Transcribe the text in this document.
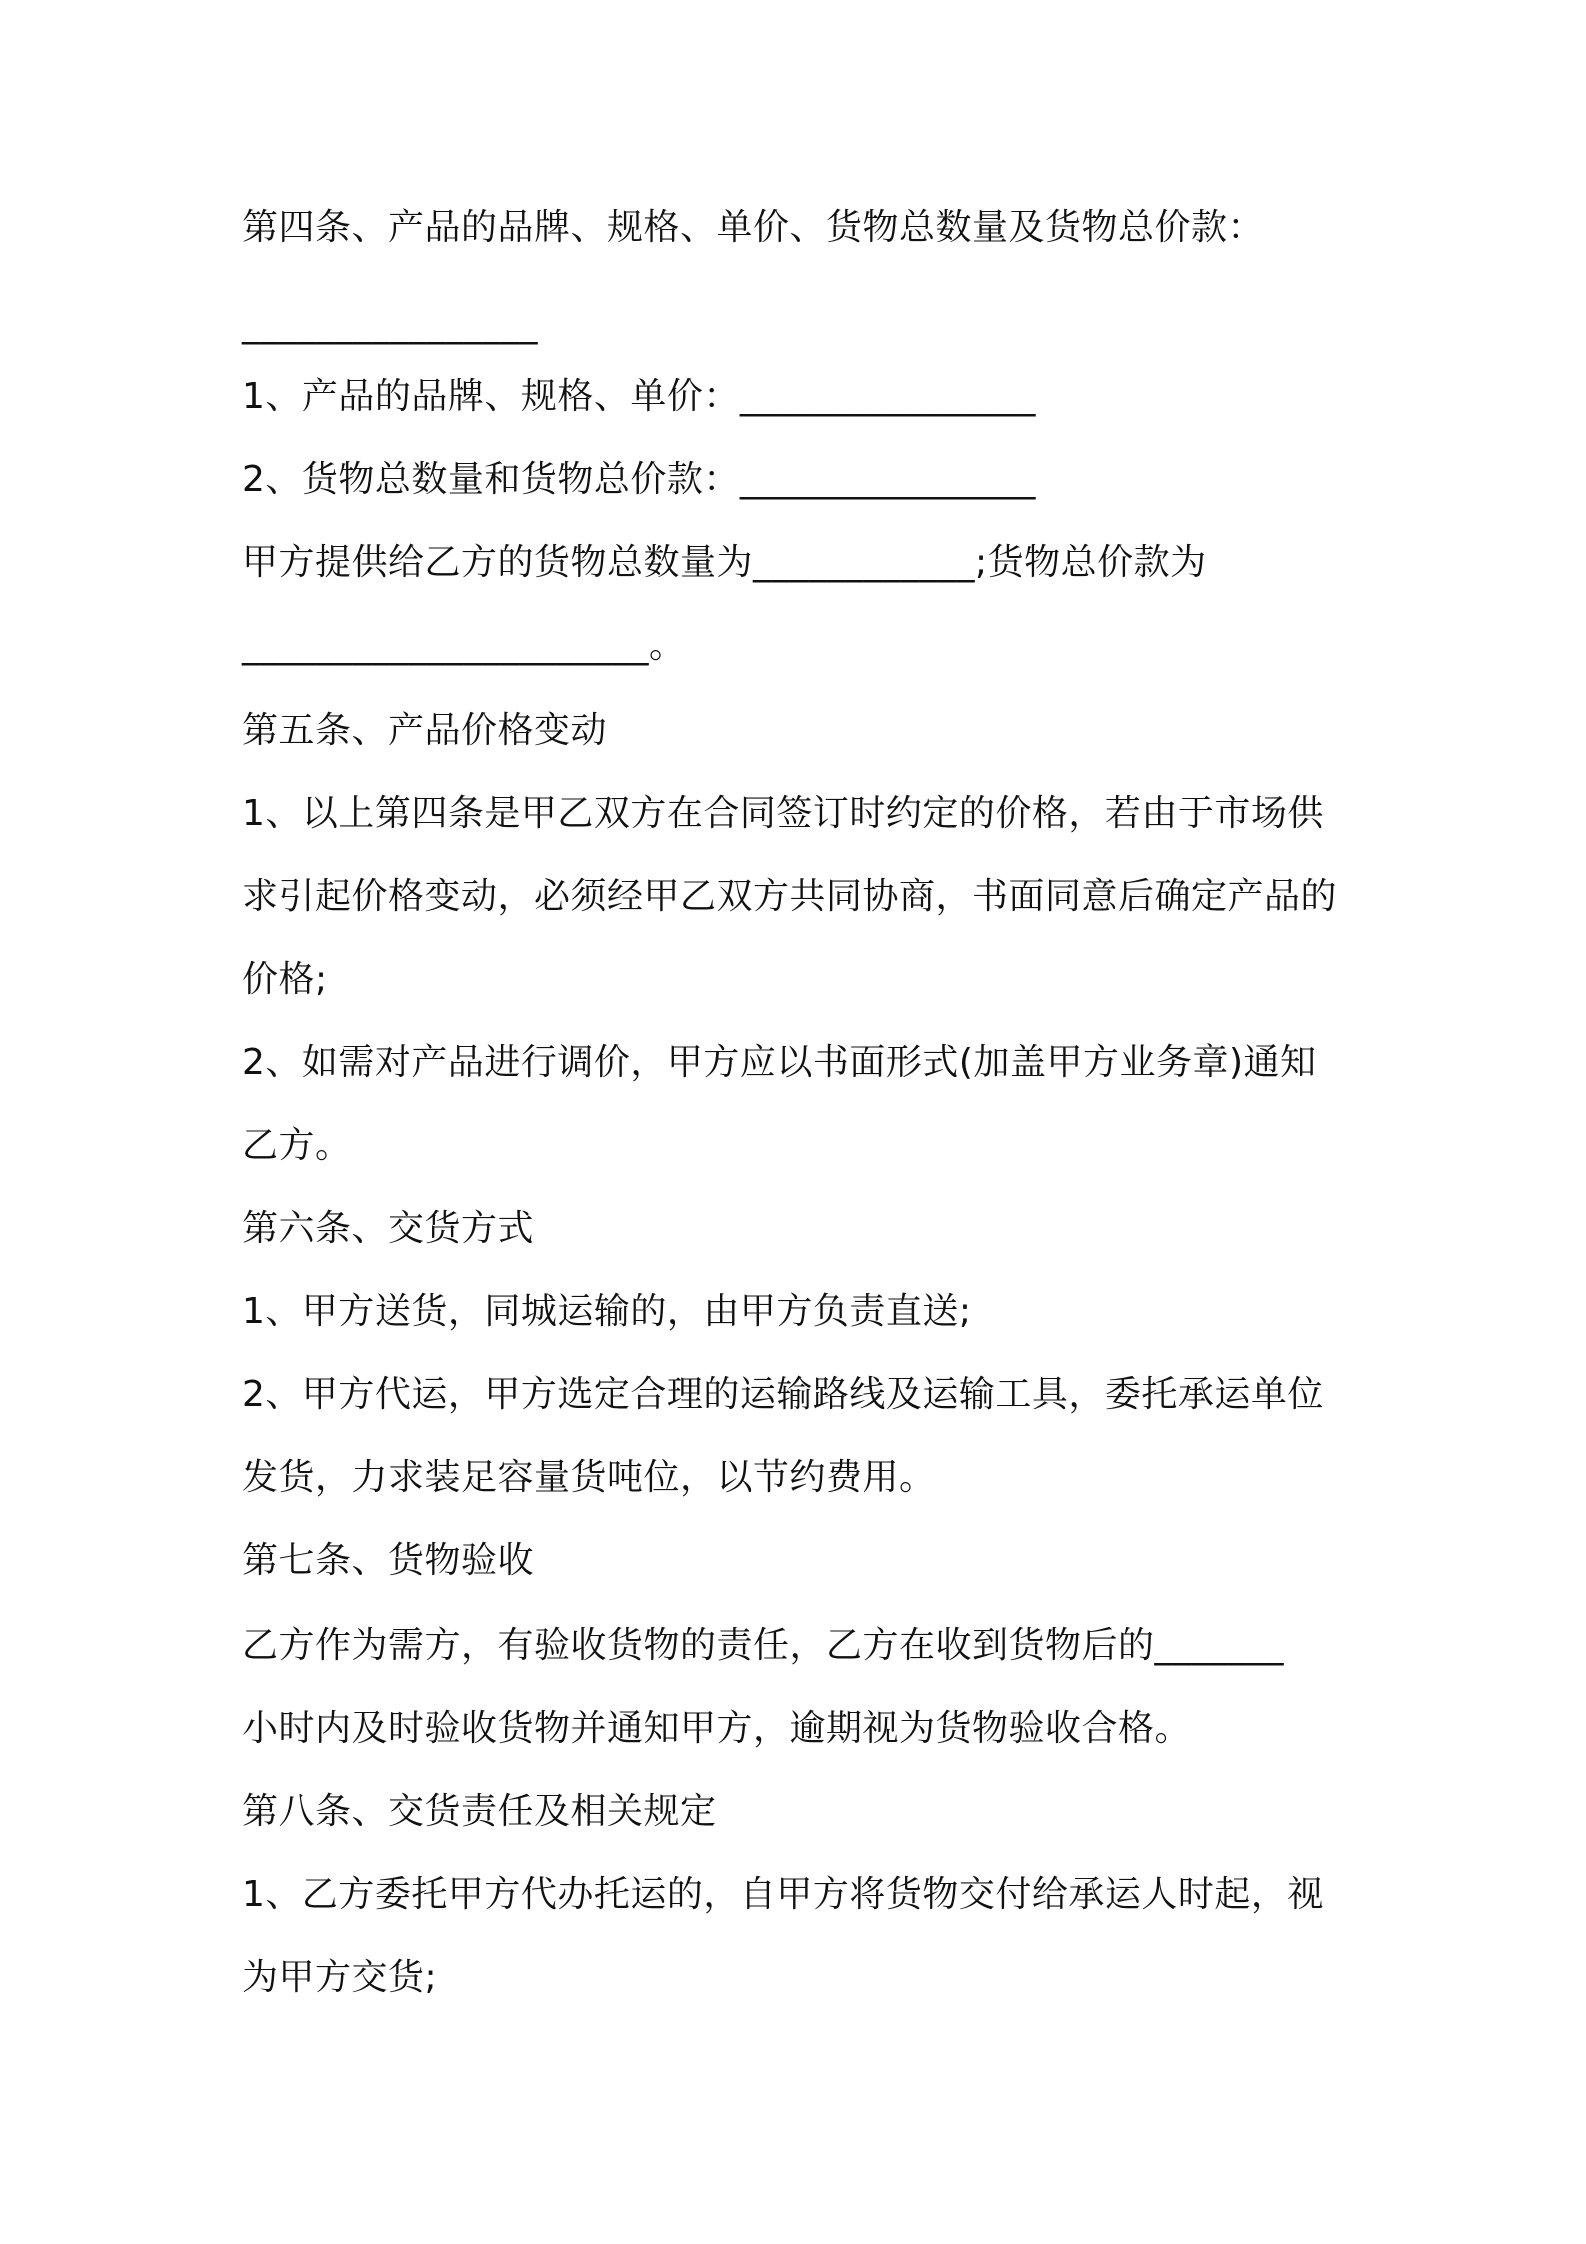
第四条、产品的品牌、规格、单价、货物总数量及货物总价款：

________________

1、产品的品牌、规格、单价：________________

2、货物总数量和货物总价款：________________

甲方提供给乙方的货物总数量为____________;货物总价款为

______________________。

第五条、产品价格变动

1、以上第四条是甲乙双方在合同签订时约定的价格，若由于市场供

求引起价格变动，必须经甲乙双方共同协商，书面同意后确定产品的

价格;

2、如需对产品进行调价，甲方应以书面形式(加盖甲方业务章)通知

乙方。

第六条、交货方式

1、甲方送货，同城运输的，由甲方负责直送;

2、甲方代运，甲方选定合理的运输路线及运输工具，委托承运单位

发货，力求装足容量货吨位，以节约费用。

第七条、货物验收

乙方作为需方，有验收货物的责任，乙方在收到货物后的_______

小时内及时验收货物并通知甲方，逾期视为货物验收合格。

第八条、交货责任及相关规定

1、乙方委托甲方代办托运的，自甲方将货物交付给承运人时起，视

为甲方交货;
